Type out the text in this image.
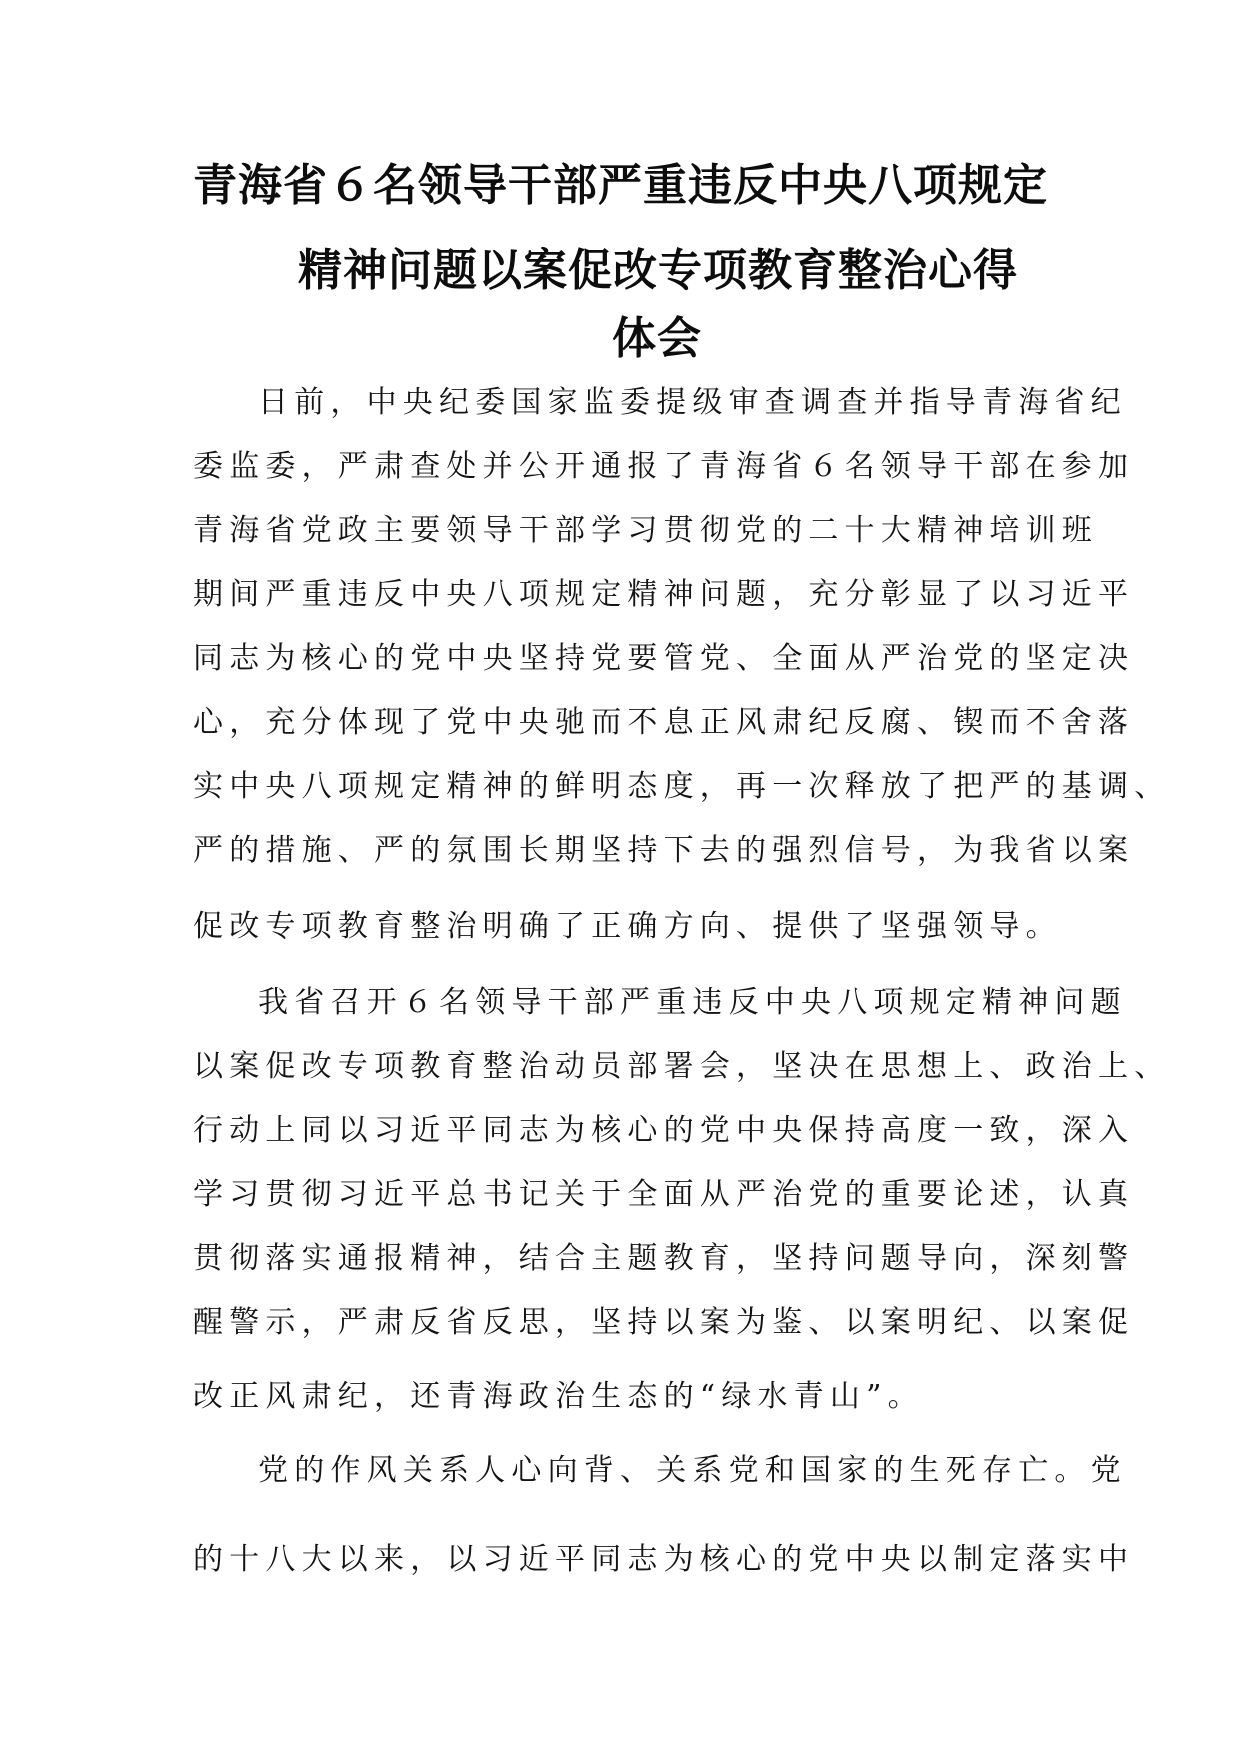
青海省６名领导干部严重违反中央八项规定
精神问题以案促改专项教育整治心得
体会

日前，中央纪委国家监委提级审查调查并指导青海省纪

委监委，严肃查处并公开通报了青海省６名领导干部在参加

青海省党政主要领导干部学习贯彻党的二十大精神培训班

期间严重违反中央八项规定精神问题，充分彰显了以习近平

同志为核心的党中央坚持党要管党、全面从严治党的坚定决

心，充分体现了党中央驰而不息正风肃纪反腐、锲而不舍落

实中央八项规定精神的鲜明态度，再一次释放了把严的基调、

严的措施、严的氛围长期坚持下去的强烈信号，为我省以案

促改专项教育整治明确了正确方向、提供了坚强领导。

我省召开６名领导干部严重违反中央八项规定精神问题

以案促改专项教育整治动员部署会，坚决在思想上、政治上、

行动上同以习近平同志为核心的党中央保持高度一致，深入

学习贯彻习近平总书记关于全面从严治党的重要论述，认真

贯彻落实通报精神，结合主题教育，坚持问题导向，深刻警

醒警示，严肃反省反思，坚持以案为鉴、以案明纪、以案促

改正风肃纪，还青海政治生态的“绿水青山”。

党的作风关系人心向背、关系党和国家的生死存亡。党

的十八大以来，以习近平同志为核心的党中央以制定落实中
